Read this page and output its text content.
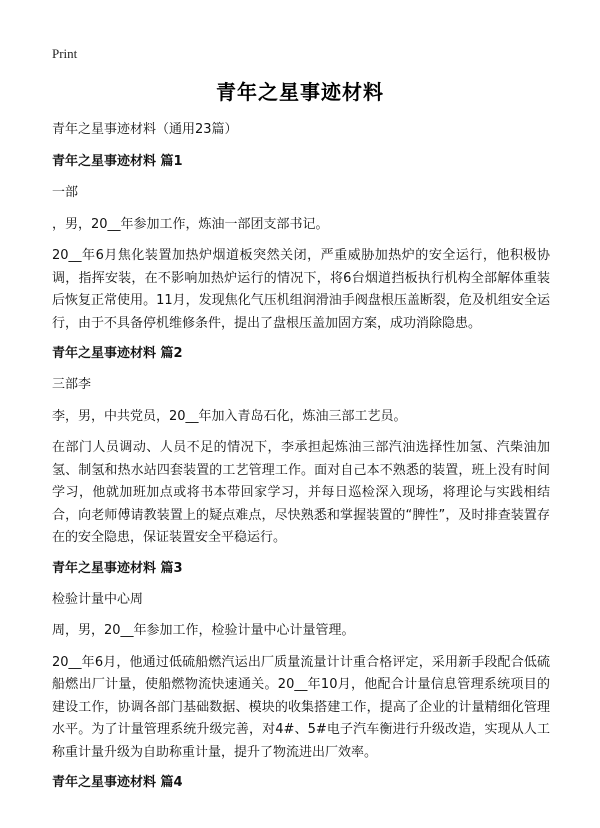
Print
青年之星事迹材料
青年之星事迹材料（通用23篇）
青年之星事迹材料 篇1

一部

，男，20__年参加工作，炼油一部团支部书记。

20__年6月焦化装置加热炉烟道板突然关闭，严重威胁加热炉的安全运行，他积极协调，指挥安装，在不影响加热炉运行的情况下，将6台烟道挡板执行机构全部解体重装后恢复正常使用。11月，发现焦化气压机组润滑油手阀盘根压盖断裂，危及机组安全运行，由于不具备停机维修条件，提出了盘根压盖加固方案，成功消除隐患。

青年之星事迹材料 篇2

三部李

李，男，中共党员，20__年加入青岛石化，炼油三部工艺员。

在部门人员调动、人员不足的情况下，李承担起炼油三部汽油选择性加氢、汽柴油加氢、制氢和热水站四套装置的工艺管理工作。面对自己本不熟悉的装置，班上没有时间学习，他就加班加点或将书本带回家学习，并每日巡检深入现场，将理论与实践相结合，向老师傅请教装置上的疑点难点，尽快熟悉和掌握装置的“脾性”，及时排查装置存在的安全隐患，保证装置安全平稳运行。

青年之星事迹材料 篇3

检验计量中心周

周，男，20__年参加工作，检验计量中心计量管理。

20__年6月，他通过低硫船燃汽运出厂质量流量计计重合格评定，采用新手段配合低硫船燃出厂计量，使船燃物流快速通关。20__年10月，他配合计量信息管理系统项目的建设工作，协调各部门基础数据、模块的收集搭建工作，提高了企业的计量精细化管理水平。为了计量管理系统升级完善，对4#、5#电子汽车衡进行升级改造，实现从人工称重计量升级为自助称重计量，提升了物流进出厂效率。

青年之星事迹材料 篇4
